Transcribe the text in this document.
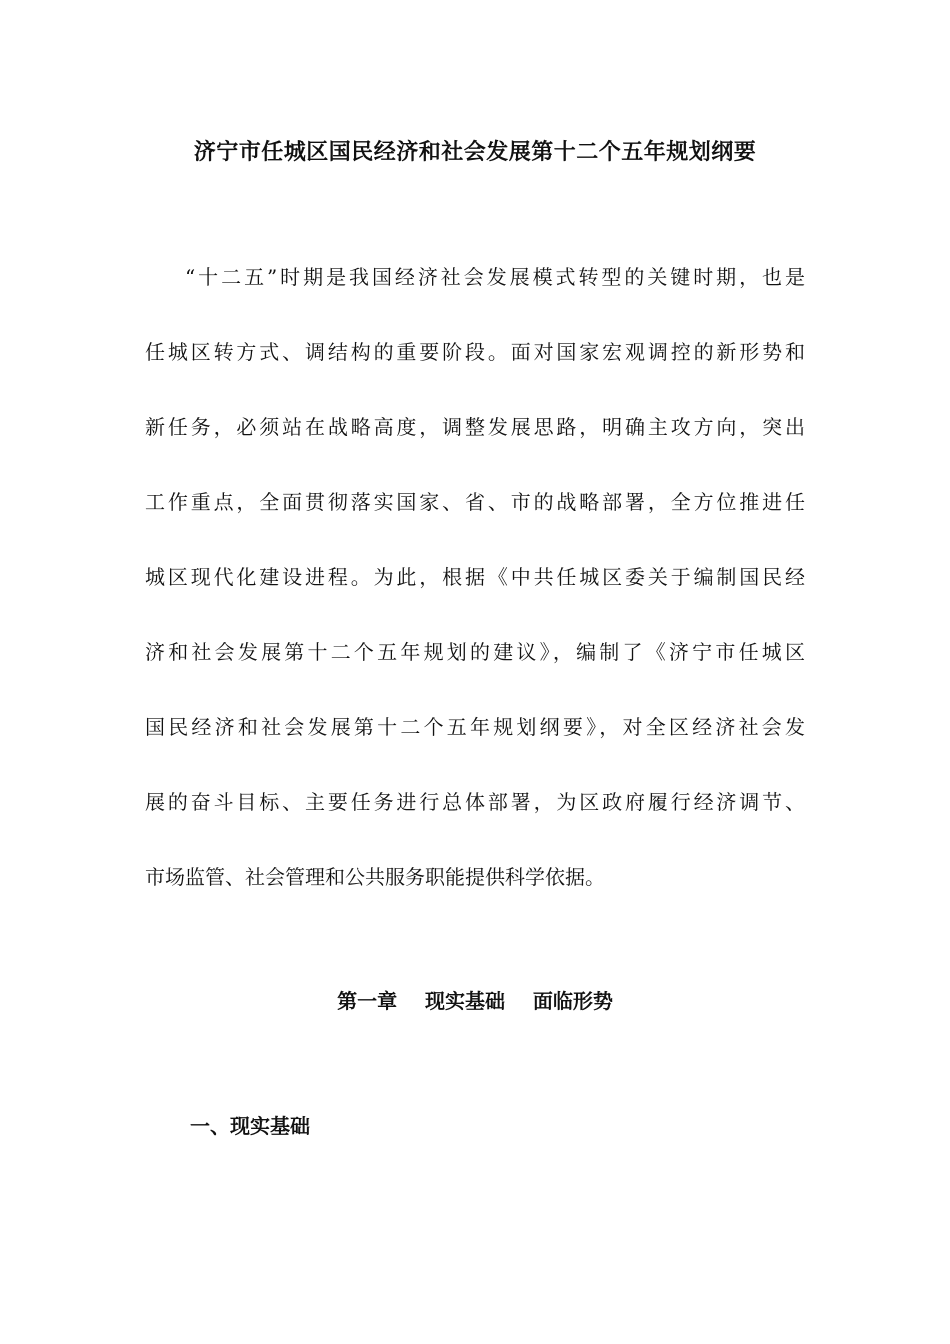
济宁市任城区国民经济和社会发展第十二个五年规划纲要
“十二五”时期是我国经济社会发展模式转型的关键时期，也是
任城区转方式、调结构的重要阶段。面对国家宏观调控的新形势和
新任务，必须站在战略高度，调整发展思路，明确主攻方向，突出
工作重点，全面贯彻落实国家、省、市的战略部署，全方位推进任
城区现代化建设进程。为此，根据《中共任城区委关于编制国民经
济和社会发展第十二个五年规划的建议》，编制了《济宁市任城区
国民经济和社会发展第十二个五年规划纲要》，对全区经济社会发
展的奋斗目标、主要任务进行总体部署，为区政府履行经济调节、
市场监管、社会管理和公共服务职能提供科学依据。
第一章    现实基础    面临形势
一、现实基础
